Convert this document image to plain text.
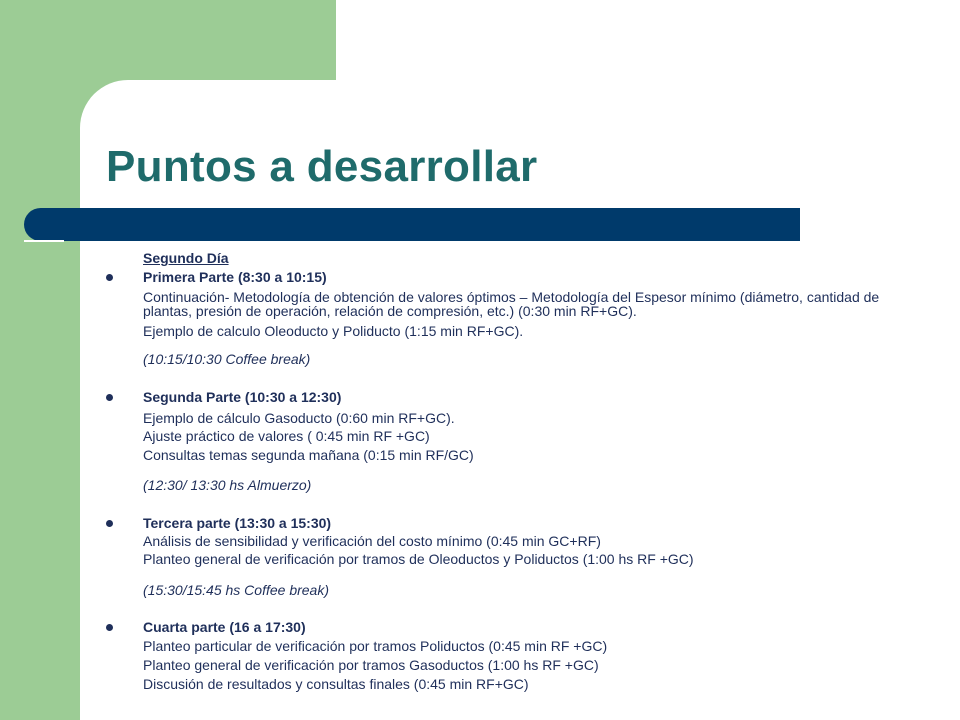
Puntos a desarrollar
Segundo Día
Primera Parte (8:30 a 10:15)
Continuación- Metodología de obtención de valores óptimos – Metodología del Espesor mínimo (diámetro, cantidad de plantas, presión de operación, relación de compresión, etc.) (0:30 min RF+GC).
Ejemplo de calculo Oleoducto y Poliducto (1:15 min RF+GC).
(10:15/10:30 Coffee break)
Segunda Parte (10:30 a 12:30)
Ejemplo de cálculo Gasoducto (0:60 min RF+GC).
Ajuste práctico de valores ( 0:45 min RF +GC)
Consultas temas segunda mañana (0:15 min RF/GC)
(12:30/ 13:30 hs Almuerzo)
Tercera parte (13:30 a 15:30)
Análisis de sensibilidad y verificación del costo mínimo (0:45 min GC+RF)
Planteo general de verificación por tramos de Oleoductos y Poliductos (1:00 hs RF +GC)
(15:30/15:45 hs Coffee break)
Cuarta parte (16 a 17:30)
Planteo particular de verificación por tramos Poliductos (0:45 min RF +GC)
Planteo general de verificación por tramos Gasoductos (1:00 hs RF +GC)
Discusión de resultados y consultas finales (0:45 min RF+GC)
